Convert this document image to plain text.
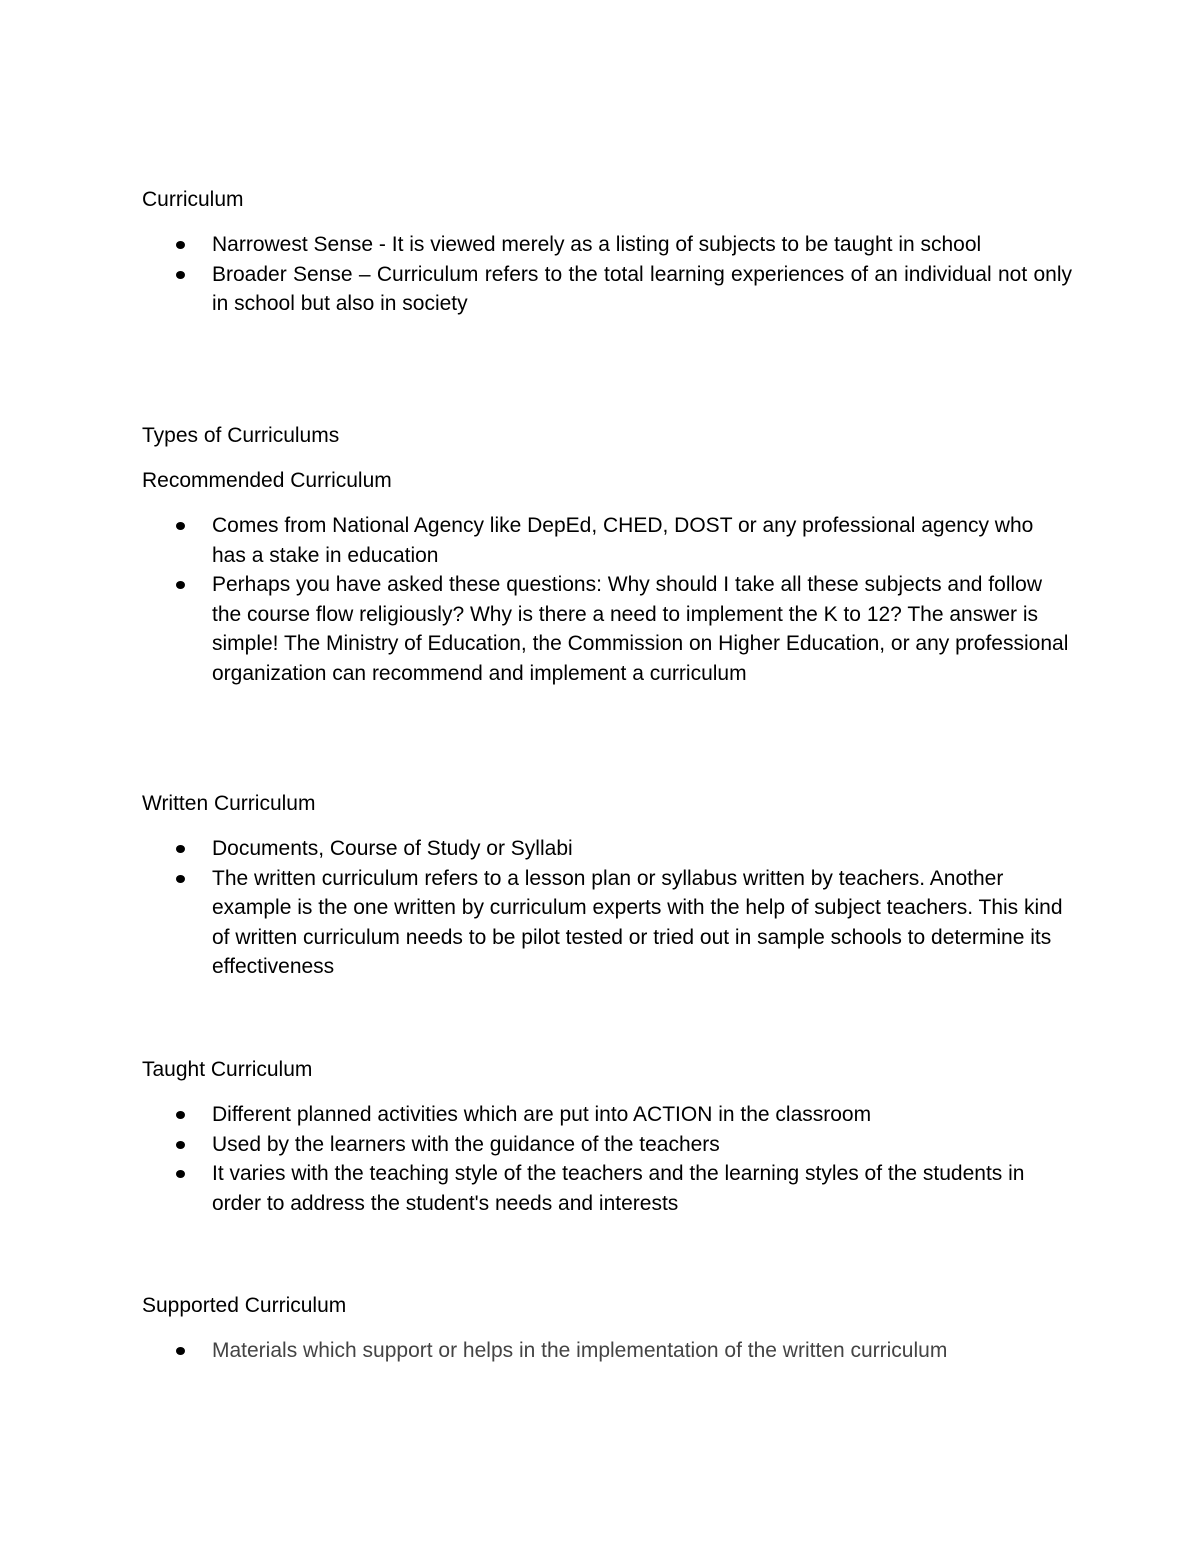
Curriculum
Narrowest Sense - It is viewed merely as a listing of subjects to be taught in school
Broader Sense – Curriculum refers to the total learning experiences of an individual not only in school but also in society
Types of Curriculums
Recommended Curriculum
Comes from National Agency like DepEd, CHED, DOST or any professional agency who has a stake in education
Perhaps you have asked these questions: Why should I take all these subjects and follow the course flow religiously? Why is there a need to implement the K to 12? The answer is simple! The Ministry of Education, the Commission on Higher Education, or any professional organization can recommend and implement a curriculum
Written Curriculum
Documents, Course of Study or Syllabi
The written curriculum refers to a lesson plan or syllabus written by teachers. Another example is the one written by curriculum experts with the help of subject teachers. This kind of written curriculum needs to be pilot tested or tried out in sample schools to determine its effectiveness
Taught Curriculum
Different planned activities which are put into ACTION in the classroom
Used by the learners with the guidance of the teachers
It varies with the teaching style of the teachers and the learning styles of the students in order to address the student's needs and interests
Supported Curriculum
Materials which support or helps in the implementation of the written curriculum
